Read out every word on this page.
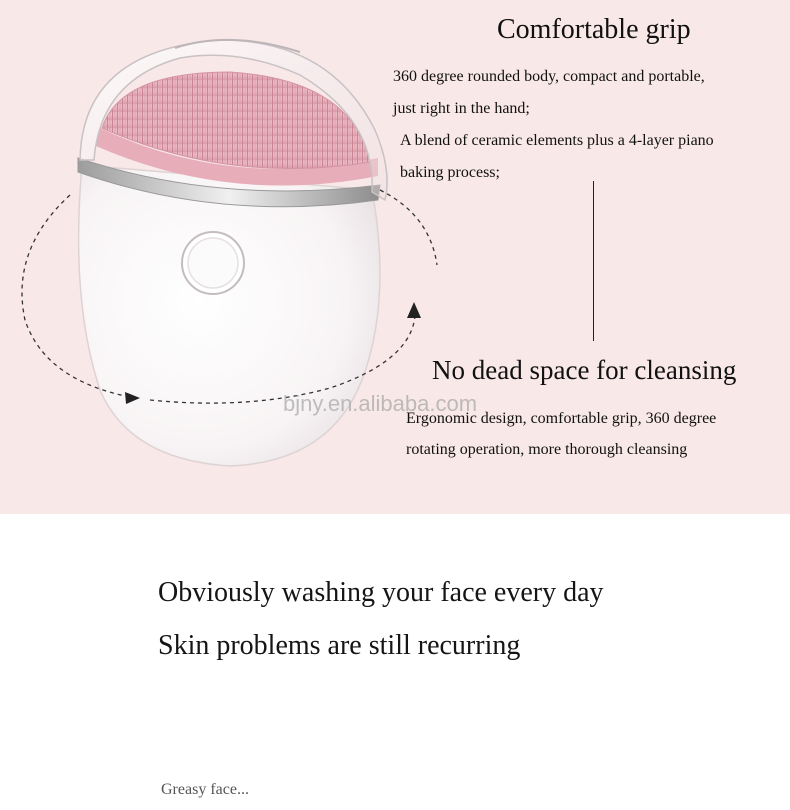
Comfortable grip
360 degree rounded body, compact and portable,
just right in the hand;
A blend of ceramic elements plus a 4-layer piano
baking process;
No dead space for cleansing
bjny.en.alibaba.com
Ergonomic design, comfortable grip, 360 degree
rotating operation, more thorough cleansing
Obviously washing your face every day
Skin problems are still recurring
Greasy face...
